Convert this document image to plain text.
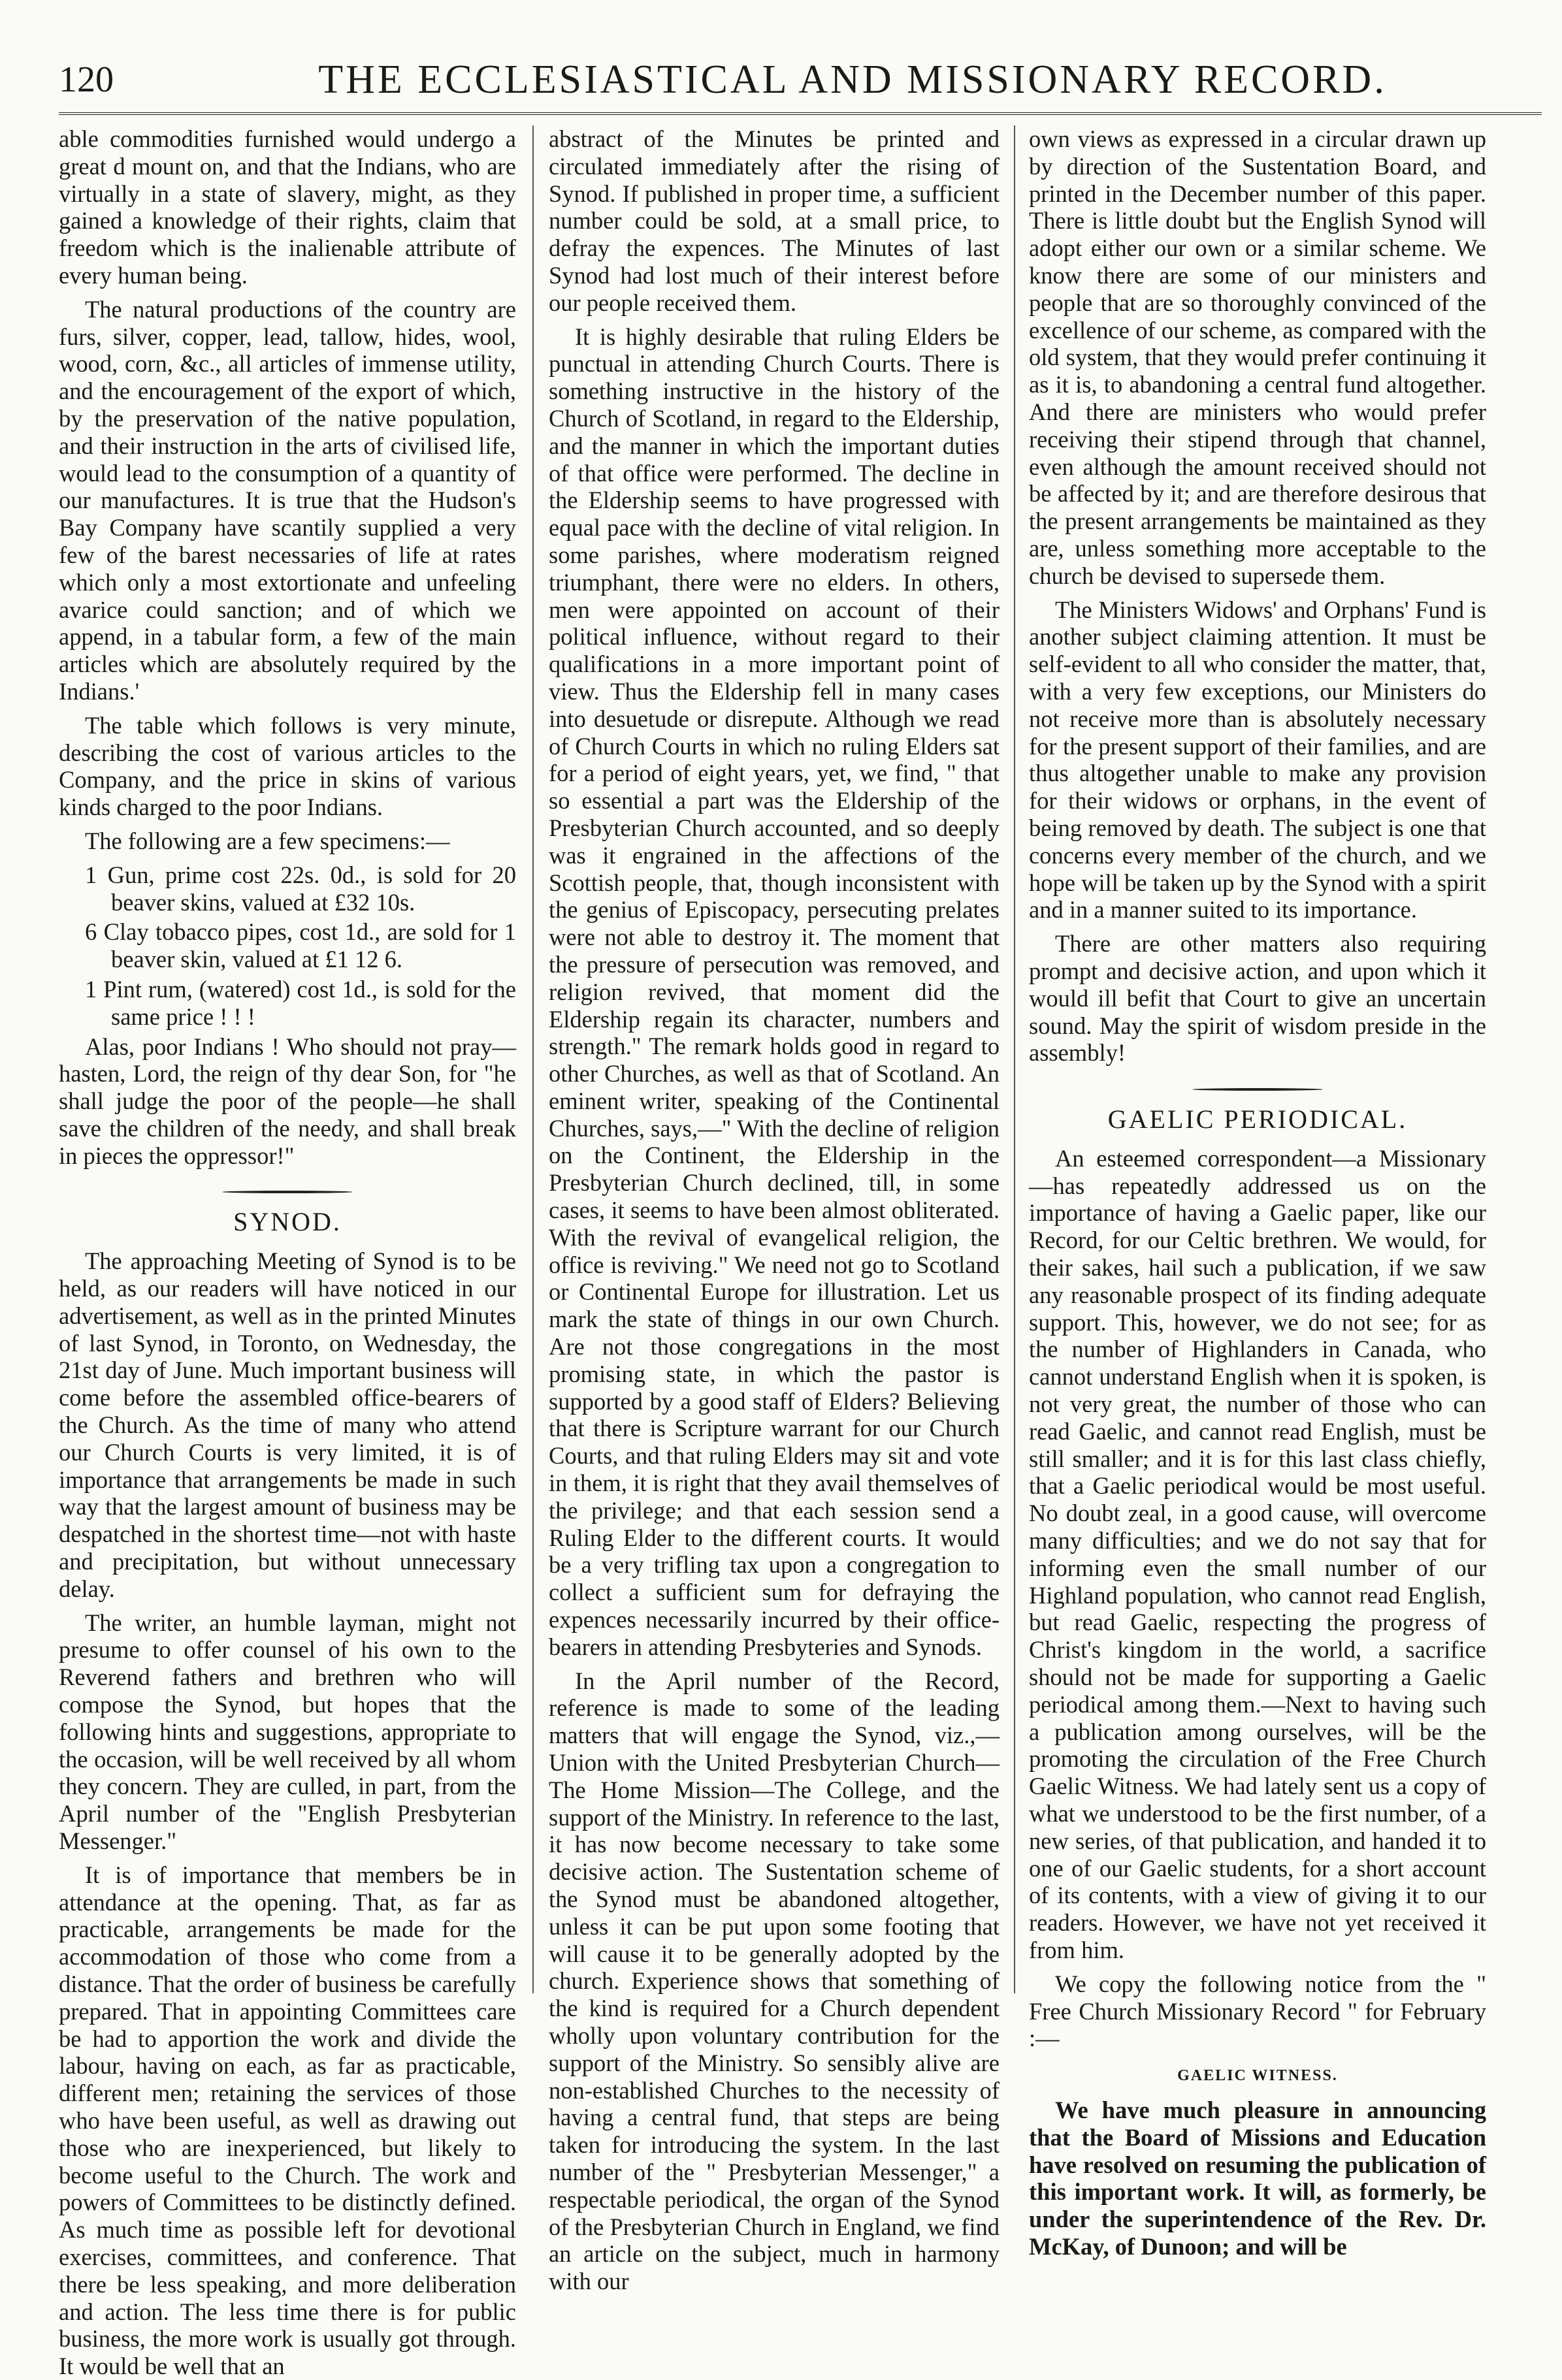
120	THE ECCLESIASTICAL AND MISSIONARY RECORD.

able commodities furnished would undergo a great d mount on, and that the Indians, who are virtually in a state of slavery, might, as they gained a knowledge of their rights, claim that freedom which is the inalienable attribute of every human being.

The natural productions of the country are furs, silver, copper, lead, tallow, hides, wool, wood, corn, &c., all articles of immense utility, and the encouragement of the export of which, by the preservation of the native population, and their instruction in the arts of civilised life, would lead to the consumption of a quantity of our manufactures. It is true that the Hudson's Bay Company have scantily supplied a very few of the barest necessaries of life at rates which only a most extortionate and unfeeling avarice could sanction; and of which we append, in a tabular form, a few of the main articles which are absolutely required by the Indians.'

The table which follows is very minute, describing the cost of various articles to the Company, and the price in skins of various kinds charged to the poor Indians.

The following are a few specimens:—

1 Gun, prime cost 22s. 0d., is sold for 20 beaver skins, valued at £32 10s.

6 Clay tobacco pipes, cost 1d., are sold for 1 beaver skin, valued at £1 12 6.

1 Pint rum, (watered) cost 1d., is sold for the same price ! ! !

Alas, poor Indians ! Who should not pray—hasten, Lord, the reign of thy dear Son, for "he shall judge the poor of the people—he shall save the children of the needy, and shall break in pieces the oppressor!"

SYNOD.

The approaching Meeting of Synod is to be held, as our readers will have noticed in our advertisement, as well as in the printed Minutes of last Synod, in Toronto, on Wednesday, the 21st day of June. Much important business will come before the assembled office-bearers of the Church. As the time of many who attend our Church Courts is very limited, it is of importance that arrangements be made in such way that the largest amount of business may be despatched in the shortest time—not with haste and precipitation, but without unnecessary delay.

The writer, an humble layman, might not presume to offer counsel of his own to the Reverend fathers and brethren who will compose the Synod, but hopes that the following hints and suggestions, appropriate to the occasion, will be well received by all whom they concern. They are culled, in part, from the April number of the "English Presbyterian Messenger."

It is of importance that members be in attendance at the opening. That, as far as practicable, arrangements be made for the accommodation of those who come from a distance. That the order of business be carefully prepared. That in appointing Committees care be had to apportion the work and divide the labour, having on each, as far as practicable, different men; retaining the services of those who have been useful, as well as drawing out those who are inexperienced, but likely to become useful to the Church. The work and powers of Committees to be distinctly defined. As much time as possible left for devotional exercises, committees, and conference. That there be less speaking, and more deliberation and action. The less time there is for public business, the more work is usually got through. It would be well that an

abstract of the Minutes be printed and circulated immediately after the rising of Synod. If published in proper time, a sufficient number could be sold, at a small price, to defray the expences. The Minutes of last Synod had lost much of their interest before our people received them.

It is highly desirable that ruling Elders be punctual in attending Church Courts. There is something instructive in the history of the Church of Scotland, in regard to the Eldership, and the manner in which the important duties of that office were performed. The decline in the Eldership seems to have progressed with equal pace with the decline of vital religion. In some parishes, where moderatism reigned triumphant, there were no elders. In others, men were appointed on account of their political influence, without regard to their qualifications in a more important point of view. Thus the Eldership fell in many cases into desuetude or disrepute. Although we read of Church Courts in which no ruling Elders sat for a period of eight years, yet, we find, " that so essential a part was the Eldership of the Presbyterian Church accounted, and so deeply was it engrained in the affections of the Scottish people, that, though inconsistent with the genius of Episcopacy, persecuting prelates were not able to destroy it. The moment that the pressure of persecution was removed, and religion revived, that moment did the Eldership regain its character, numbers and strength." The remark holds good in regard to other Churches, as well as that of Scotland. An eminent writer, speaking of the Continental Churches, says,—" With the decline of religion on the Continent, the Eldership in the Presbyterian Church declined, till, in some cases, it seems to have been almost obliterated. With the revival of evangelical religion, the office is reviving." We need not go to Scotland or Continental Europe for illustration. Let us mark the state of things in our own Church. Are not those congregations in the most promising state, in which the pastor is supported by a good staff of Elders? Believing that there is Scripture warrant for our Church Courts, and that ruling Elders may sit and vote in them, it is right that they avail themselves of the privilege; and that each session send a Ruling Elder to the different courts. It would be a very trifling tax upon a congregation to collect a sufficient sum for defraying the expences necessarily incurred by their office-bearers in attending Presbyteries and Synods.

In the April number of the Record, reference is made to some of the leading matters that will engage the Synod, viz.,—Union with the United Presbyterian Church—The Home Mission—The College, and the support of the Ministry. In reference to the last, it has now become necessary to take some decisive action. The Sustentation scheme of the Synod must be abandoned altogether, unless it can be put upon some footing that will cause it to be generally adopted by the church. Experience shows that something of the kind is required for a Church dependent wholly upon voluntary contribution for the support of the Ministry. So sensibly alive are non-established Churches to the necessity of having a central fund, that steps are being taken for introducing the system. In the last number of the " Presbyterian Messenger," a respectable periodical, the organ of the Synod of the Presbyterian Church in England, we find an article on the subject, much in harmony with our

own views as expressed in a circular drawn up by direction of the Sustentation Board, and printed in the December number of this paper. There is little doubt but the English Synod will adopt either our own or a similar scheme. We know there are some of our ministers and people that are so thoroughly convinced of the excellence of our scheme, as compared with the old system, that they would prefer continuing it as it is, to abandoning a central fund altogether. And there are ministers who would prefer receiving their stipend through that channel, even although the amount received should not be affected by it; and are therefore desirous that the present arrangements be maintained as they are, unless something more acceptable to the church be devised to supersede them.

The Ministers Widows' and Orphans' Fund is another subject claiming attention. It must be self-evident to all who consider the matter, that, with a very few exceptions, our Ministers do not receive more than is absolutely necessary for the present support of their families, and are thus altogether unable to make any provision for their widows or orphans, in the event of being removed by death. The subject is one that concerns every member of the church, and we hope will be taken up by the Synod with a spirit and in a manner suited to its importance.

There are other matters also requiring prompt and decisive action, and upon which it would ill befit that Court to give an uncertain sound. May the spirit of wisdom preside in the assembly!

GAELIC PERIODICAL.

An esteemed correspondent—a Missionary—has repeatedly addressed us on the importance of having a Gaelic paper, like our Record, for our Celtic brethren. We would, for their sakes, hail such a publication, if we saw any reasonable prospect of its finding adequate support. This, however, we do not see; for as the number of Highlanders in Canada, who cannot understand English when it is spoken, is not very great, the number of those who can read Gaelic, and cannot read English, must be still smaller; and it is for this last class chiefly, that a Gaelic periodical would be most useful. No doubt zeal, in a good cause, will overcome many difficulties; and we do not say that for informing even the small number of our Highland population, who cannot read English, but read Gaelic, respecting the progress of Christ's kingdom in the world, a sacrifice should not be made for supporting a Gaelic periodical among them.—Next to having such a publication among ourselves, will be the promoting the circulation of the Free Church Gaelic Witness. We had lately sent us a copy of what we understood to be the first number, of a new series, of that publication, and handed it to one of our Gaelic students, for a short account of its contents, with a view of giving it to our readers. However, we have not yet received it from him.

We copy the following notice from the " Free Church Missionary Record " for February :—

GAELIC WITNESS.

We have much pleasure in announcing that the Board of Missions and Education have resolved on resuming the publication of this important work. It will, as formerly, be under the superintendence of the Rev. Dr. McKay, of Dunoon; and will be
